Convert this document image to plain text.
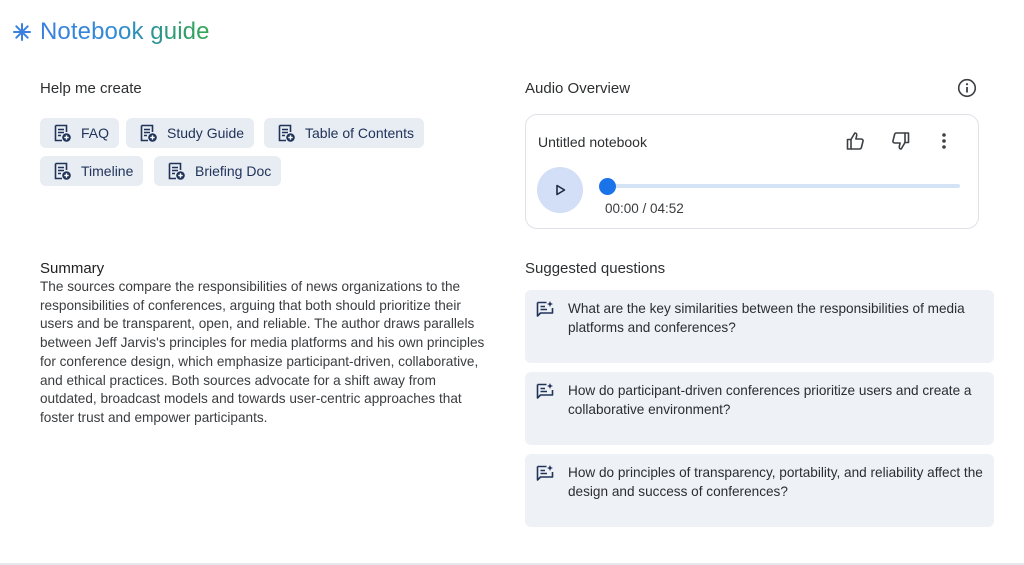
Notebook guide
Help me create
FAQ	Study Guide	Table of Contents
Timeline	Briefing Doc
Summary
The sources compare the responsibilities of news organizations to the responsibilities of conferences, arguing that both should prioritize their users and be transparent, open, and reliable. The author draws parallels between Jeff Jarvis's principles for media platforms and his own principles for conference design, which emphasize participant-driven, collaborative, and ethical practices. Both sources advocate for a shift away from outdated, broadcast models and towards user-centric approaches that foster trust and empower participants.
Audio Overview
Untitled notebook
00:00 / 04:52
Suggested questions
What are the key similarities between the responsibilities of media platforms and conferences?
How do participant-driven conferences prioritize users and create a collaborative environment?
How do principles of transparency, portability, and reliability affect the design and success of conferences?
